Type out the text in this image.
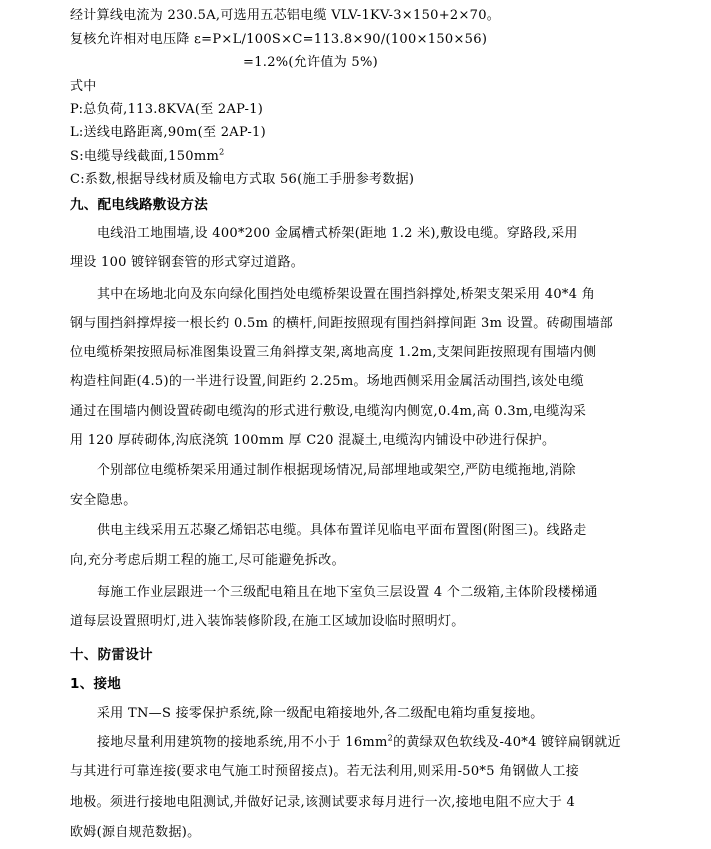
经计算线电流为 230.5A,可选用五芯铝电缆 VLV-1KV-3×150+2×70。
复核允许相对电压降 ε=P×L/100S×C=113.8×90/(100×150×56)
=1.2%(允许值为 5%)
式中
P:总负荷,113.8KVA(至 2AP-1)
L:送线电路距离,90m(至 2AP-1)
S:电缆导线截面$,150mm^2$
C:系数,根据导线材质及输电方式取 56(施工手册参考数据)
九、配电线路敷设方法
电线沿工地围墙,设 400*200 金属槽式桥架(距地 1.2 米),敷设电缆。穿路段,采用
埋设 100 镀锌钢套管的形式穿过道路。
其中在场地北向及东向绿化围挡处电缆桥架设置在围挡斜撑处,桥架支架采用 40*4 角
钢与围挡斜撑焊接一根长约 0.5m 的横杆,间距按照现有围挡斜撑间距 3m 设置。砖砌围墙部
位电缆桥架按照局标准图集设置三角斜撑支架,离地高度 1.2m,支架间距按照现有围墙内侧
构造柱间距(4.5)的一半进行设置,间距约 2.25m。场地西侧采用金属活动围挡,该处电缆
通过在围墙内侧设置砖砌电缆沟的形式进行敷设,电缆沟内侧宽,0.4m,高 0.3m,电缆沟采
用 120 厚砖砌体,沟底浇筑 100mm 厚 C20 混凝土,电缆沟内铺设中砂进行保护。
个别部位电缆桥架采用通过制作根据现场情况,局部埋地或架空,严防电缆拖地,消除
安全隐患。
供电主线采用五芯聚乙烯铝芯电缆。具体布置详见临电平面布置图(附图三)。线路走
向,充分考虑后期工程的施工,尽可能避免拆改。
每施工作业层跟进一个三级配电箱且在地下室负三层设置 4 个二级箱,主体阶段楼梯通
道每层设置照明灯,进入装饰装修阶段,在施工区域加设临时照明灯。
十、防雷设计
1、接地
采用 TN—S 接零保护系统,除一级配电箱接地外,各二级配电箱均重复接地。
接地尽量利用建筑物的接地系统,用不小于 $16mm^2$的黄绿双色软线及-40*4 镀锌扁钢就近
与其进行可靠连接(要求电气施工时预留接点)。若无法利用,则采用-50*5 角钢做人工接
地极。须进行接地电阻测试,并做好记录,该测试要求每月进行一次,接地电阻不应大于 4
欧姆(源自规范数据)。
